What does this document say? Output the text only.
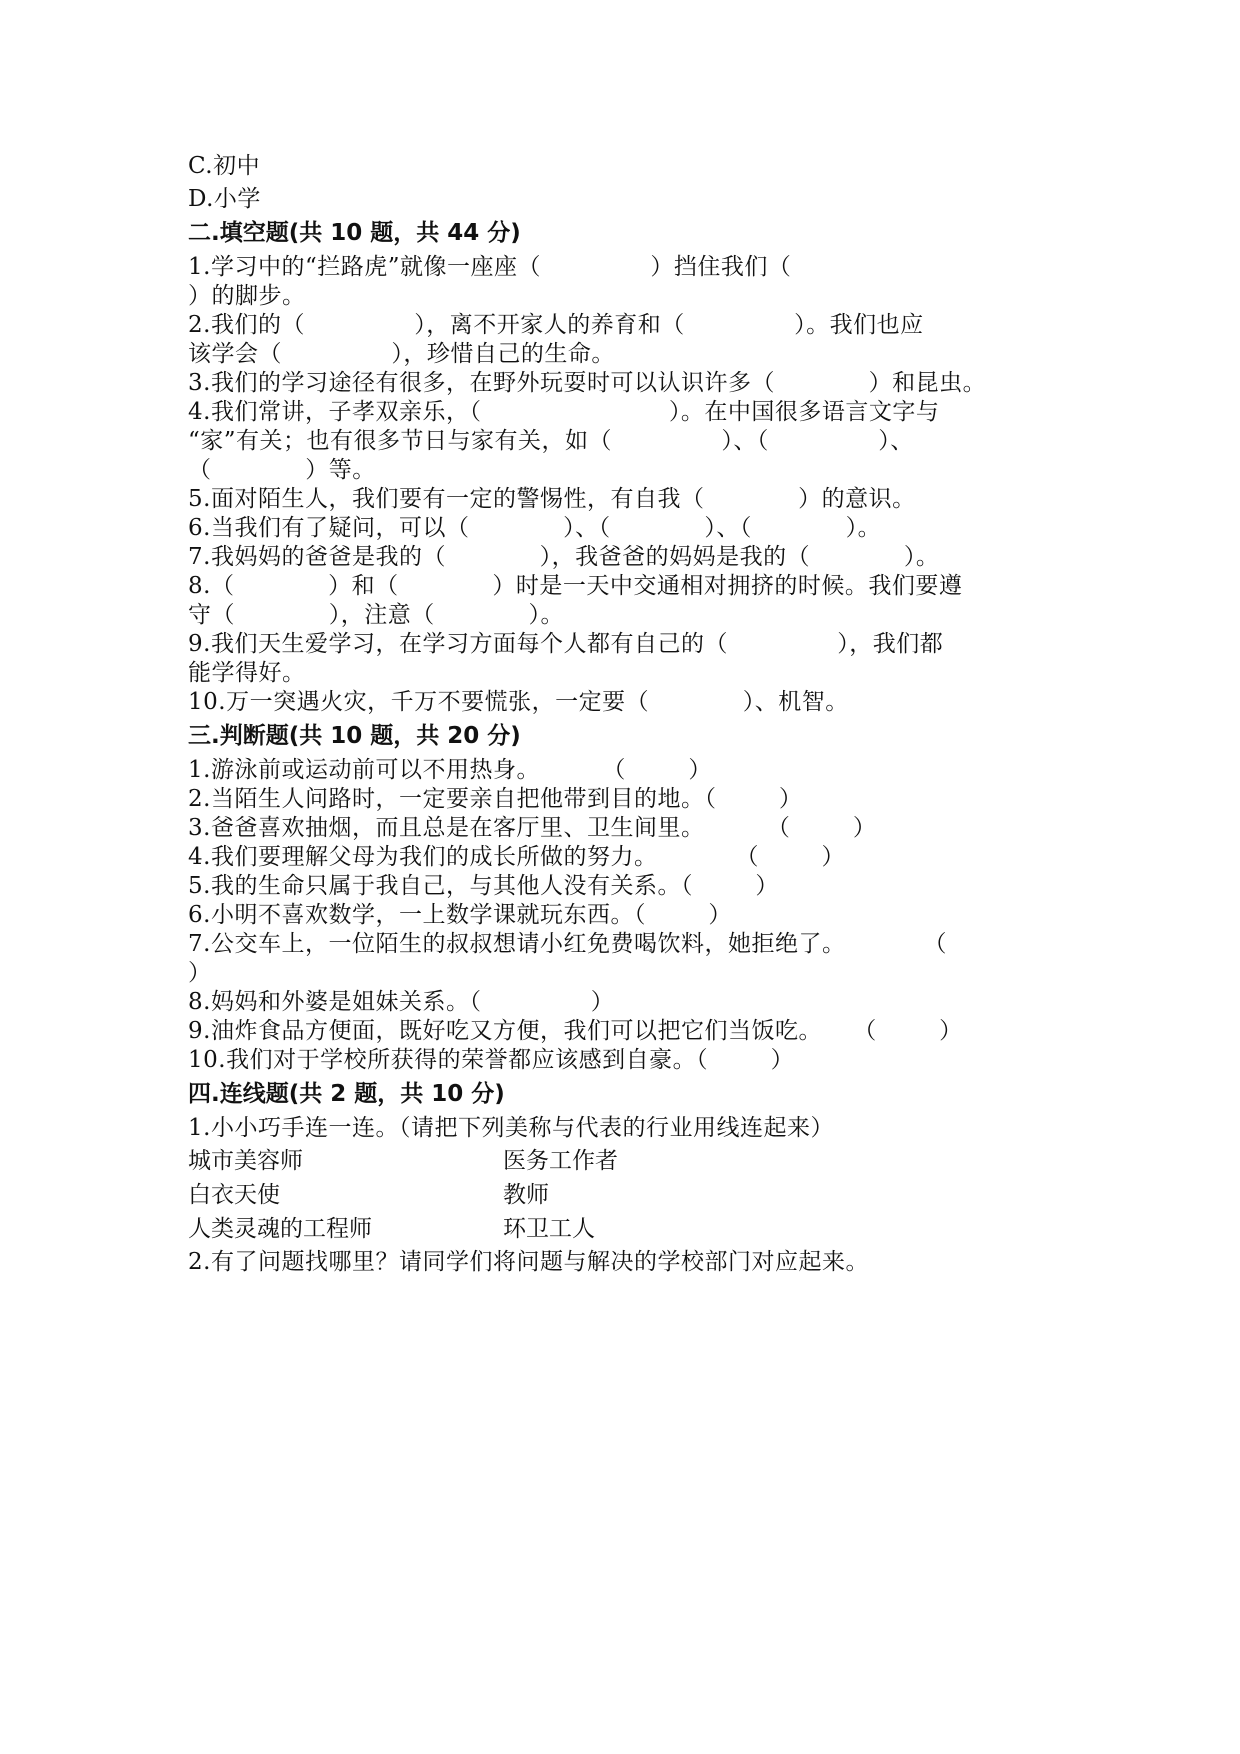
C.初中
D.小学
二.填空题(共 10 题，共 44 分)
1.学习中的“拦路虎”就像一座座（              ）挡住我们（
）的脚步。
2.我们的（              ），离不开家人的养育和（              ）。我们也应
该学会（              ），珍惜自己的生命。
3.我们的学习途径有很多，在野外玩耍时可以认识许多（            ）和昆虫。
4.我们常讲，子孝双亲乐，（                        ）。在中国很多语言文字与
“家”有关；也有很多节日与家有关，如（              ）、（              ）、
（            ）等。
5.面对陌生人，我们要有一定的警惕性，有自我（            ）的意识。
6.当我们有了疑问，可以（            ）、（            ）、（            ）。
7.我妈妈的爸爸是我的（            ），我爸爸的妈妈是我的（            ）。
8.（            ）和（            ）时是一天中交通相对拥挤的时候。我们要遵
守（            ），注意（            ）。
9.我们天生爱学习，在学习方面每个人都有自己的（              ），我们都
能学得好。
10.万一突遇火灾，千万不要慌张，一定要（            ）、机智。
三.判断题(共 10 题，共 20 分)
1.游泳前或运动前可以不用热身。        （        ）
2.当陌生人问路时，一定要亲自把他带到目的地。（        ）
3.爸爸喜欢抽烟，而且总是在客厅里、卫生间里。        （        ）
4.我们要理解父母为我们的成长所做的努力。          （        ）
5.我的生命只属于我自己，与其他人没有关系。（        ）
6.小明不喜欢数学，一上数学课就玩东西。（        ）
7.公交车上，一位陌生的叔叔想请小红免费喝饮料，她拒绝了。          （
）
8.妈妈和外婆是姐妹关系。（              ）
9.油炸食品方便面，既好吃又方便，我们可以把它们当饭吃。    （        ）
10.我们对于学校所获得的荣誉都应该感到自豪。（        ）
四.连线题(共 2 题，共 10 分)
1.小小巧手连一连。（请把下列美称与代表的行业用线连起来）
城市美容师	医务工作者
白衣天使	教师
人类灵魂的工程师	环卫工人
2.有了问题找哪里？请同学们将问题与解决的学校部门对应起来。
